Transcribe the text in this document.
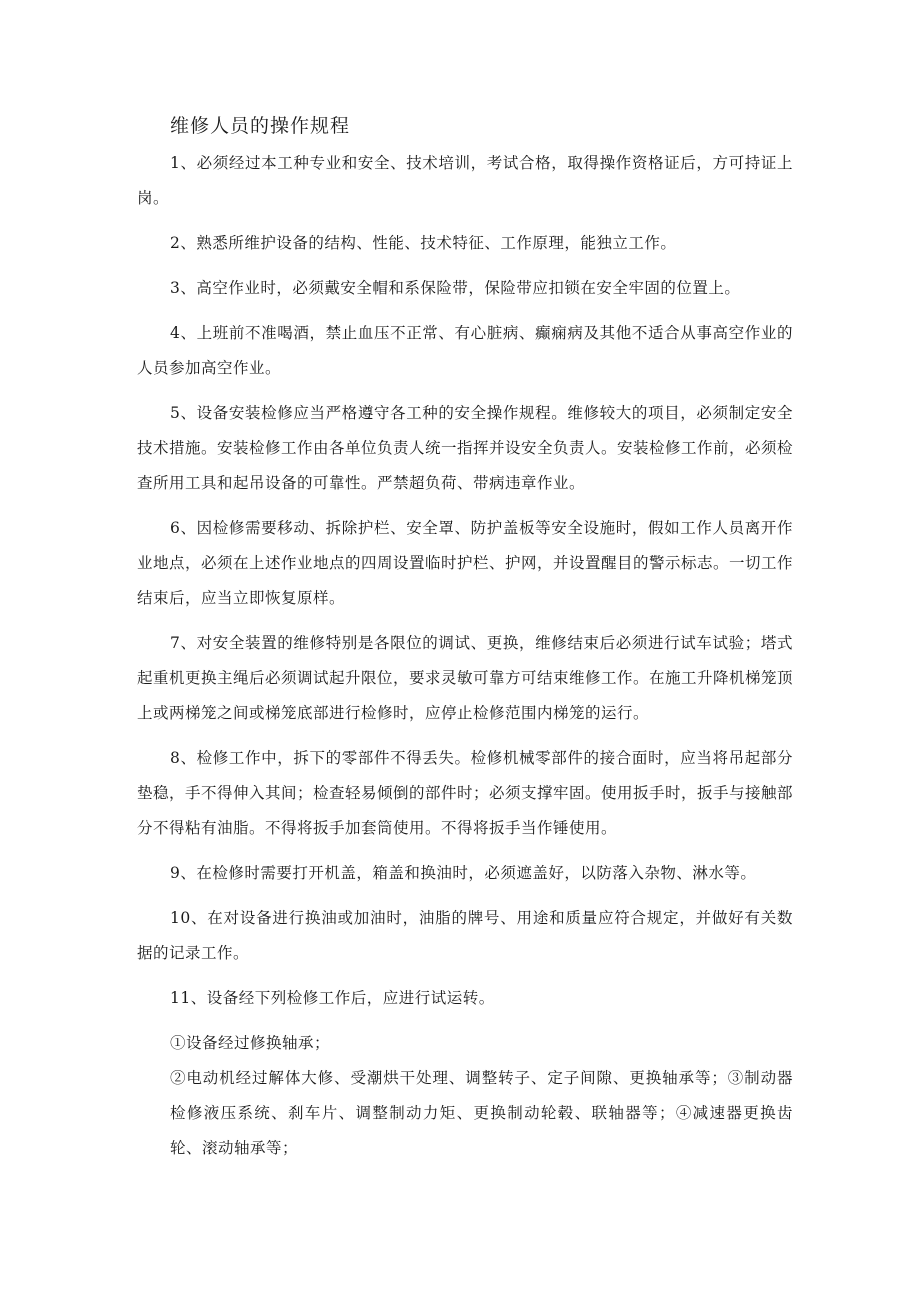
维修人员的操作规程

1、必须经过本工种专业和安全、技术培训，考试合格，取得操作资格证后，方可持证上岗。

2、熟悉所维护设备的结构、性能、技术特征、工作原理，能独立工作。

3、高空作业时，必须戴安全帽和系保险带，保险带应扣锁在安全牢固的位置上。

4、上班前不准喝酒，禁止血压不正常、有心脏病、癫痫病及其他不适合从事高空作业的人员参加高空作业。

5、设备安装检修应当严格遵守各工种的安全操作规程。维修较大的项目，必须制定安全技术措施。安装检修工作由各单位负责人统一指挥并设安全负责人。安装检修工作前，必须检查所用工具和起吊设备的可靠性。严禁超负荷、带病违章作业。

6、因检修需要移动、拆除护栏、安全罩、防护盖板等安全设施时，假如工作人员离开作业地点，必须在上述作业地点的四周设置临时护栏、护网，并设置醒目的警示标志。一切工作结束后，应当立即恢复原样。

7、对安全装置的维修特别是各限位的调试、更换，维修结束后必须进行试车试验；塔式起重机更换主绳后必须调试起升限位，要求灵敏可靠方可结束维修工作。在施工升降机梯笼顶上或两梯笼之间或梯笼底部进行检修时，应停止检修范围内梯笼的运行。

8、检修工作中，拆下的零部件不得丢失。检修机械零部件的接合面时，应当将吊起部分垫稳，手不得伸入其间；检查轻易倾倒的部件时；必须支撑牢固。使用扳手时，扳手与接触部分不得粘有油脂。不得将扳手加套筒使用。不得将扳手当作锤使用。

9、在检修时需要打开机盖，箱盖和换油时，必须遮盖好，以防落入杂物、淋水等。

10、在对设备进行换油或加油时，油脂的牌号、用途和质量应符合规定，并做好有关数据的记录工作。

11、设备经下列检修工作后，应进行试运转。

①设备经过修换轴承；

②电动机经过解体大修、受潮烘干处理、调整转子、定子间隙、更换轴承等；③制动器检修液压系统、刹车片、调整制动力矩、更换制动轮毂、联轴器等；④减速器更换齿轮、滚动轴承等；
